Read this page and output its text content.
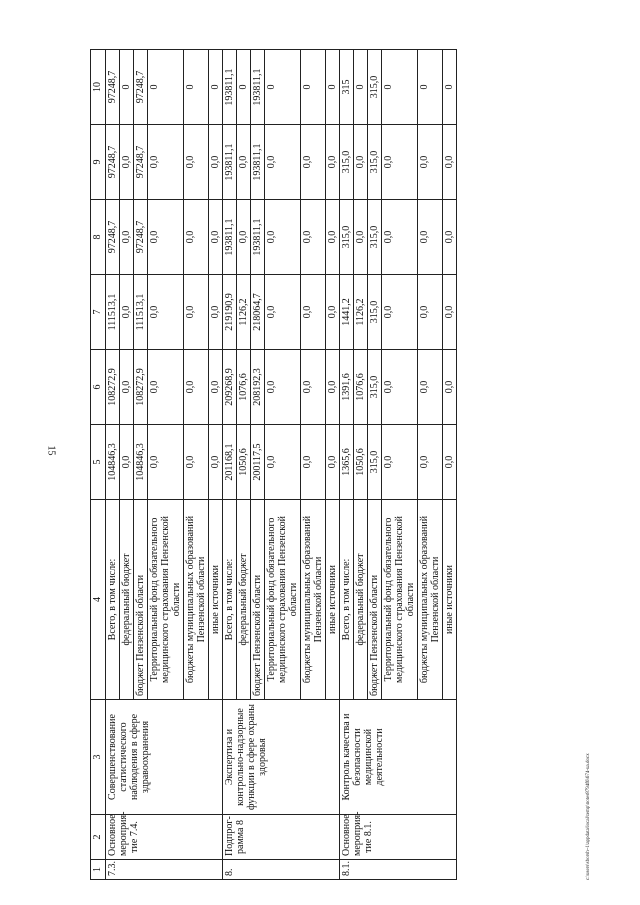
15
1	2	3	4	5	6	7	8	9	10
7.3.	Основное мероприя-тие 7.4.	Совершенствование статистического наблюдения в сфере здравоохранения	Всего, в том числе:	104846,3	108272,9	111513,1	97248,7	97248,7	97248,7
			федеральный бюджет	0,0	0,0	0,0	0,0	0,0	0
			бюджет Пензенской области	104846,3	108272,9	111513,1	97248,7	97248,7	97248,7
			Территориальный фонд обязательного медицинского страхования Пензенской области	0,0	0,0	0,0	0,0	0,0	0
			бюджеты муниципальных образований Пензенской области	0,0	0,0	0,0	0,0	0,0	0
			иные источники	0,0	0,0	0,0	0,0	0,0	0
8.	Подпрог-рамма 8	Экспертиза и контрольно-надзорные функции в сфере охраны здоровья	Всего, в том числе:	201168,1	209268,9	219190,9	193811,1	193811,1	193811,1
			федеральный бюджет	1050,6	1076,6	1126,2	0,0	0,0	0
			бюджет Пензенской области	200117,5	208192,3	218064,7	193811,1	193811,1	193811,1
			Территориальный фонд обязательного медицинского страхования Пензенской области	0,0	0,0	0,0	0,0	0,0	0
			бюджеты муниципальных образований Пензенской области	0,0	0,0	0,0	0,0	0,0	0
			иные источники	0,0	0,0	0,0	0,0	0,0	0
8.1.	Основное мероприя-тие 8.1.	Контроль качества и безопасности медицинской деятельности	Всего, в том числе:	1365,6	1391,6	1441,2	315,0	315,0	315
			федеральный бюджет	1050,6	1076,6	1126,2	0,0	0,0	0
			бюджет Пензенской области	315,0	315,0	315,0	315,0	315,0	315,0
			Территориальный фонд обязательного медицинского страхования Пензенской области	0,0	0,0	0,0	0,0	0,0	0
			бюджеты муниципальных образований Пензенской области	0,0	0,0	0,0	0,0	0,0	0
			иные источники	0,0	0,0	0,0	0,0	0,0	0
c:\users\sborsh~1\appdata\local\temp\notes8794f6\674-ua.docx
